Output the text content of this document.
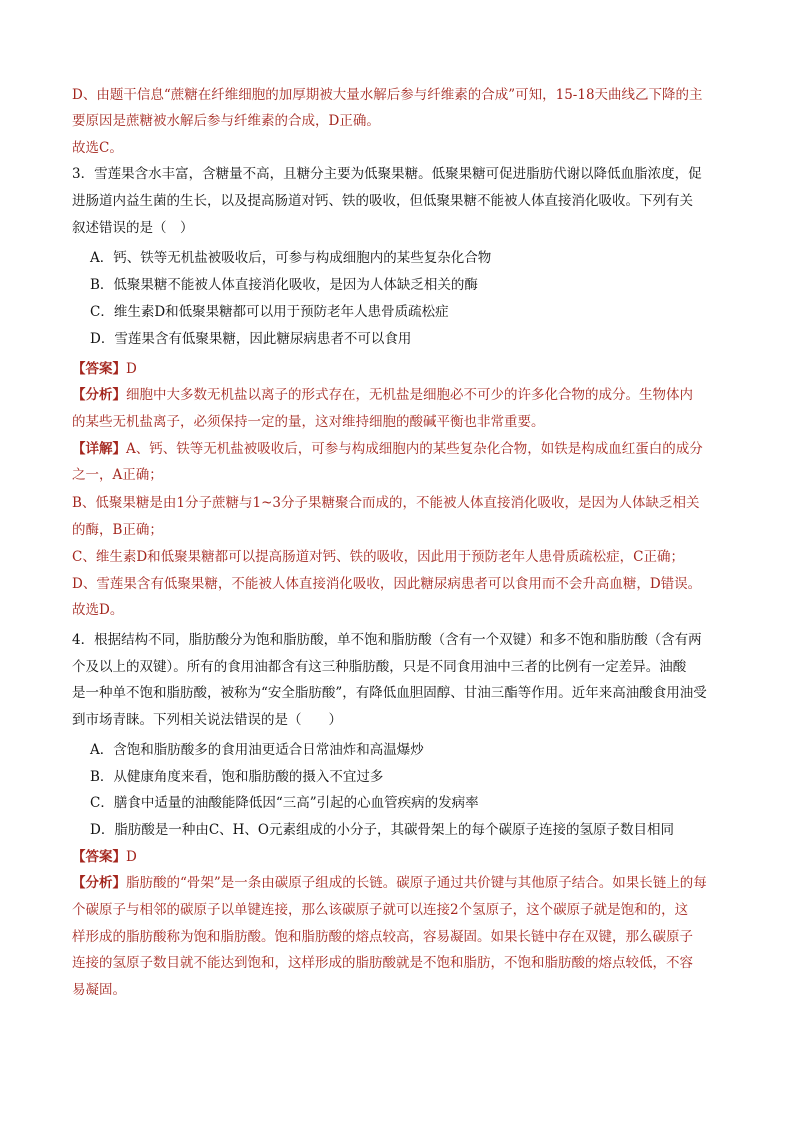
D、由题干信息“蔗糖在纤维细胞的加厚期被大量水解后参与纤维素的合成”可知，15-18天曲线乙下降的主
要原因是蔗糖被水解后参与纤维素的合成，D正确。
故选C。
3．雪莲果含水丰富，含糖量不高，且糖分主要为低聚果糖。低聚果糖可促进脂肪代谢以降低血脂浓度，促
进肠道内益生菌的生长，以及提高肠道对钙、铁的吸收，但低聚果糖不能被人体直接消化吸收。下列有关
叙述错误的是（　）
A．钙、铁等无机盐被吸收后，可参与构成细胞内的某些复杂化合物
B．低聚果糖不能被人体直接消化吸收，是因为人体缺乏相关的酶
C．维生素D和低聚果糖都可以用于预防老年人患骨质疏松症
D．雪莲果含有低聚果糖，因此糖尿病患者不可以食用
【答案】D
【分析】细胞中大多数无机盐以离子的形式存在，无机盐是细胞必不可少的许多化合物的成分。生物体内
的某些无机盐离子，必须保持一定的量，这对维持细胞的酸碱平衡也非常重要。
【详解】A、钙、铁等无机盐被吸收后，可参与构成细胞内的某些复杂化合物，如铁是构成血红蛋白的成分
之一，A正确；
B、低聚果糖是由1分子蔗糖与1~3分子果糖聚合而成的，不能被人体直接消化吸收，是因为人体缺乏相关
的酶，B正确；
C、维生素D和低聚果糖都可以提高肠道对钙、铁的吸收，因此用于预防老年人患骨质疏松症，C正确；
D、雪莲果含有低聚果糖，不能被人体直接消化吸收，因此糖尿病患者可以食用而不会升高血糖，D错误。
故选D。
4．根据结构不同，脂肪酸分为饱和脂肪酸，单不饱和脂肪酸（含有一个双键）和多不饱和脂肪酸（含有两
个及以上的双键）。所有的食用油都含有这三种脂肪酸，只是不同食用油中三者的比例有一定差异。油酸
是一种单不饱和脂肪酸，被称为“安全脂肪酸”，有降低血胆固醇、甘油三酯等作用。近年来高油酸食用油受
到市场青睐。下列相关说法错误的是（　　）
A．含饱和脂肪酸多的食用油更适合日常油炸和高温爆炒
B．从健康角度来看，饱和脂肪酸的摄入不宜过多
C．膳食中适量的油酸能降低因“三高”引起的心血管疾病的发病率
D．脂肪酸是一种由C、H、O元素组成的小分子，其碳骨架上的每个碳原子连接的氢原子数目相同
【答案】D
【分析】脂肪酸的“骨架”是一条由碳原子组成的长链。碳原子通过共价键与其他原子结合。如果长链上的每
个碳原子与相邻的碳原子以单键连接，那么该碳原子就可以连接2个氢原子，这个碳原子就是饱和的，这
样形成的脂肪酸称为饱和脂肪酸。饱和脂肪酸的熔点较高，容易凝固。如果长链中存在双键，那么碳原子
连接的氢原子数目就不能达到饱和，这样形成的脂肪酸就是不饱和脂肪，不饱和脂肪酸的熔点较低，不容
易凝固。
